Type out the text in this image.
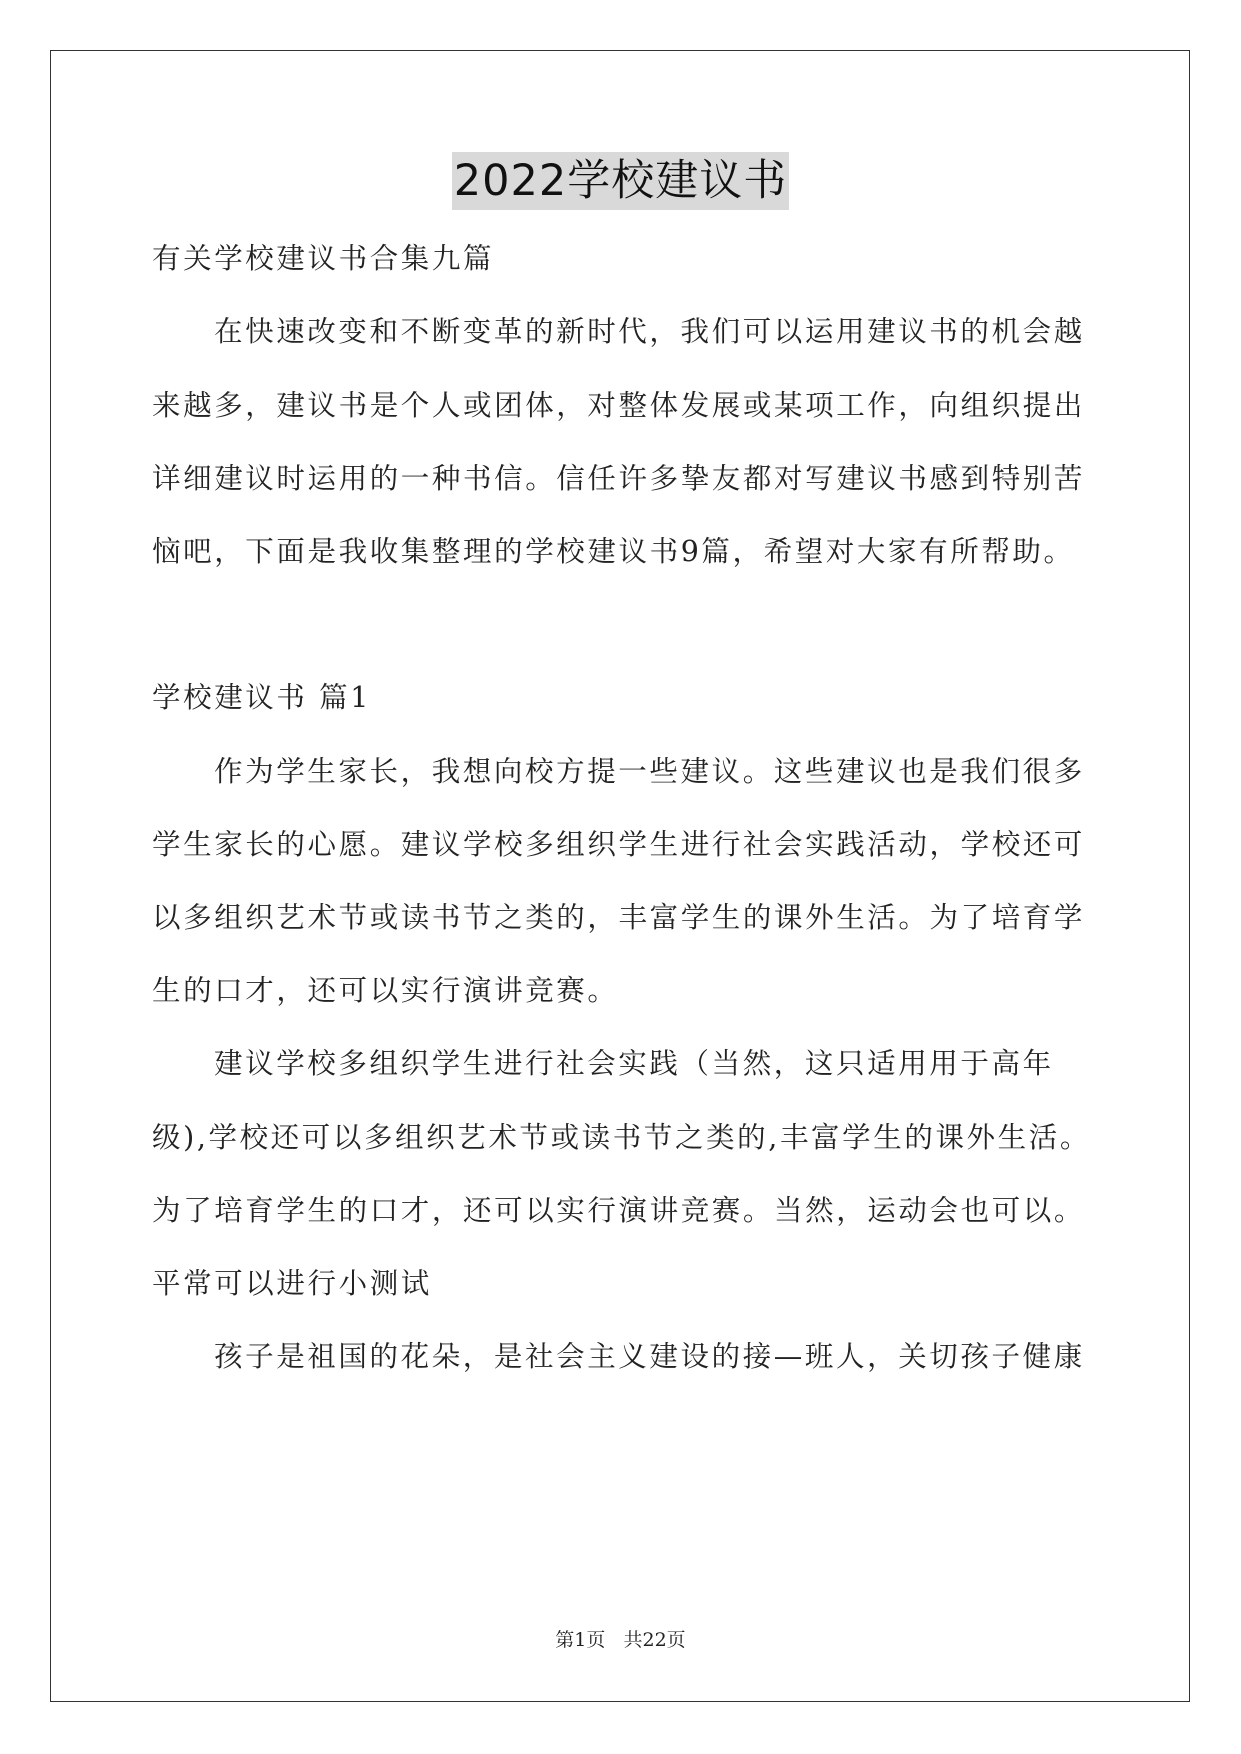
2022学校建议书
有关学校建议书合集九篇
在快速改变和不断变革的新时代，我们可以运用建议书的机会越
来越多，建议书是个人或团体，对整体发展或某项工作，向组织提出
详细建议时运用的一种书信。信任许多挚友都对写建议书感到特别苦
恼吧，下面是我收集整理的学校建议书9篇，希望对大家有所帮助。
学校建议书 篇1
作为学生家长，我想向校方提一些建议。这些建议也是我们很多
学生家长的心愿。建议学校多组织学生进行社会实践活动，学校还可
以多组织艺术节或读书节之类的，丰富学生的课外生活。为了培育学
生的口才，还可以实行演讲竞赛。
建议学校多组织学生进行社会实践（当然，这只适用用于高年
级),学校还可以多组织艺术节或读书节之类的,丰富学生的课外生活。
为了培育学生的口才，还可以实行演讲竞赛。当然，运动会也可以。
平常可以进行小测试
孩子是祖国的花朵，是社会主义建设的接—班人，关切孩子健康
第1页   共22页
